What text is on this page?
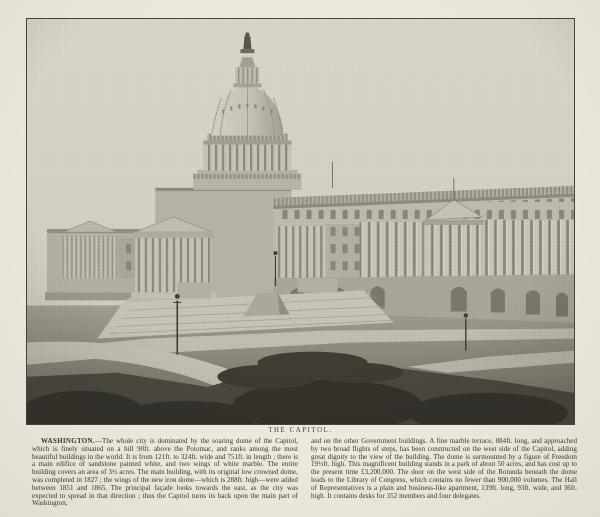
THE CAPITOL.

WASHINGTON.—The whole city is dominated by the soaring dome of the Capitol, which is finely situated on a hill 90ft. above the Potomac, and ranks among the most beautiful buildings in the world. It is from 121ft. to 324ft. wide and 751ft. in length ; there is a main edifice of sandstone painted white, and two wings of white marble. The entire building covers an area of 3½ acres. The main building, with its original low crowned dome, was completed in 1827 ; the wings of the new iron dome—which is 288ft. high—were added between 1851 and 1865. The principal façade looks towards the east, as the city was expected to spread in that direction ; thus the Capitol turns its back upon the main part of Washington,

and on the other Government buildings. A fine marble terrace, 884ft. long, and approached by two broad flights of steps, has been constructed on the west side of the Capitol, adding great dignity to the view of the building. The dome is surmounted by a figure of Freedom 19½ft. high. This magnificent building stands in a park of about 50 acres, and has cost up to the present time £3,200,000. The door on the west side of the Rotunda beneath the dome leads to the Library of Congress, which contains no fewer than 900,000 volumes. The Hall of Representatives is a plain and business-like apartment, 139ft. long, 93ft. wide, and 36ft. high. It contains desks for 352 members and four delegates.
